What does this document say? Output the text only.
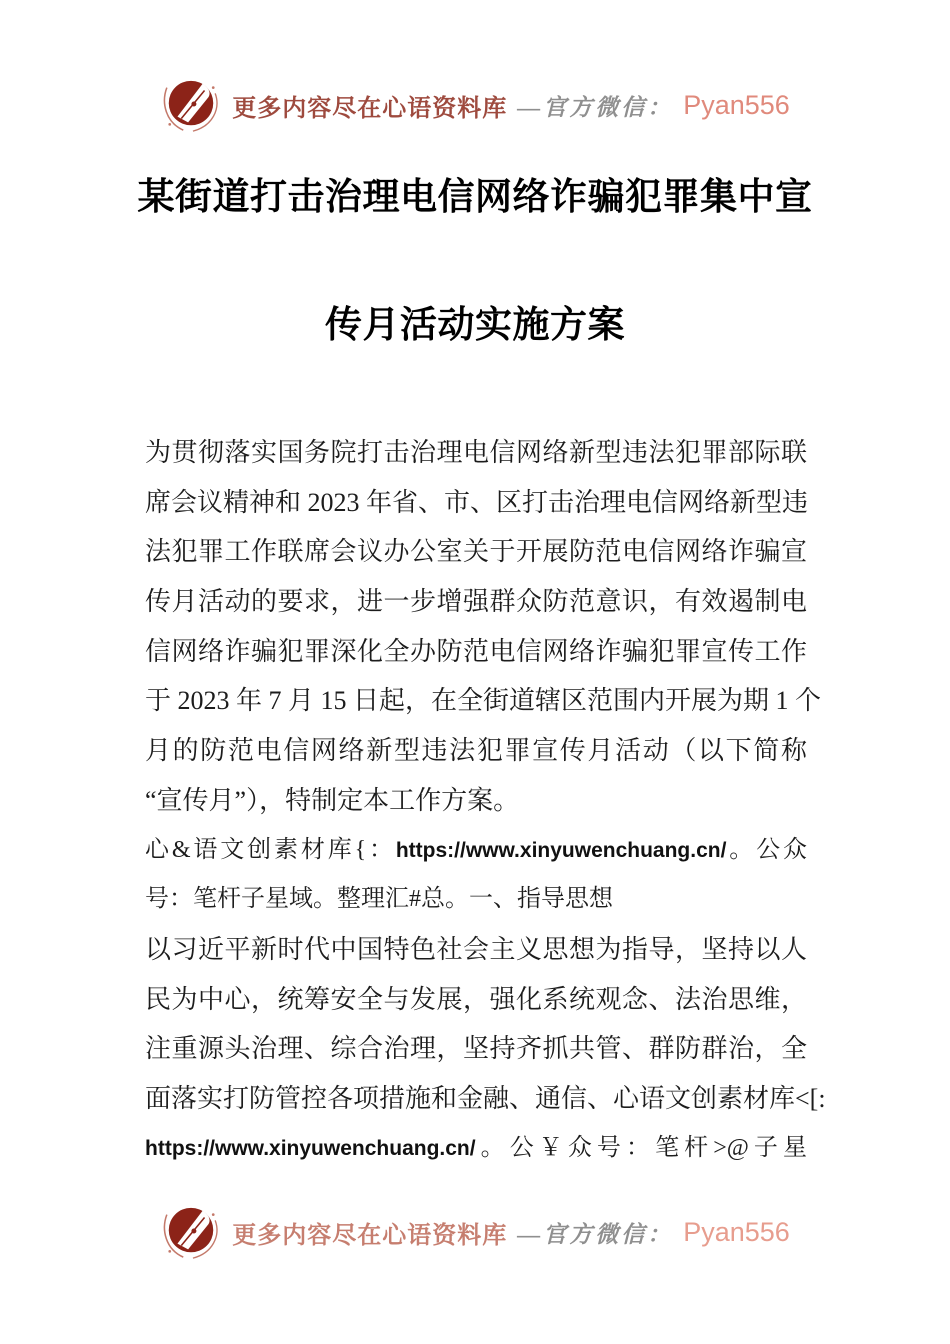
更多内容尽在心语资料库 —官方微信： Pyan556
某街道打击治理电信网络诈骗犯罪集中宣
传月活动实施方案
为贯彻落实国务院打击治理电信网络新型违法犯罪部际联
席会议精神和 2023 年省、市、区打击治理电信网络新型违
法犯罪工作联席会议办公室关于开展防范电信网络诈骗宣
传月活动的要求，进一步增强群众防范意识，有效遏制电
信网络诈骗犯罪深化全办防范电信网络诈骗犯罪宣传工作
于 2023 年 7 月 15 日起，在全街道辖区范围内开展为期 1 个
月的防范电信网络新型违法犯罪宣传月活动（以下简称
“宣传月”），特制定本工作方案。
心&语文创素材库{：https://www.xinyuwenchuang.cn/。公众
号：笔杆子星域。整理汇#总。一、指导思想
以习近平新时代中国特色社会主义思想为指导，坚持以人
民为中心，统筹安全与发展，强化系统观念、法治思维，
注重源头治理、综合治理，坚持齐抓共管、群防群治，全
面落实打防管控各项措施和金融、通信、心语文创素材库<[:
https://www.xinyuwenchuang.cn/。公￥众号：笔杆>@子星
更多内容尽在心语资料库 —官方微信： Pyan556
